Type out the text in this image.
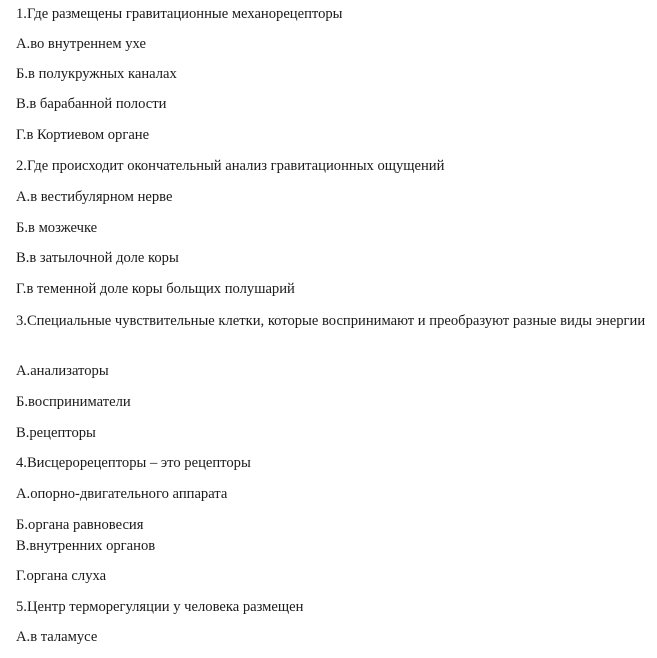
1.Где размещены гравитационные механорецепторы
А.во внутреннем ухе
Б.в полукружных каналах
В.в барабанной полости
Г.в Кортиевом органе
2.Где происходит окончательный анализ гравитационных ощущений
А.в вестибулярном нерве
Б.в мозжечке
В.в затылочной доле коры
Г.в теменной доле коры больщих полушарий
3.Специальные чувствительные клетки, которые воспринимают и преобразуют разные виды энергии
А.анализаторы
Б.восприниматели
В.рецепторы
4.Висцерорецепторы – это рецепторы
А.опорно-двигательного аппарата
Б.органа равновесия
В.внутренних органов
Г.органа слуха
5.Центр терморегуляции у человека размещен
А.в таламусе
